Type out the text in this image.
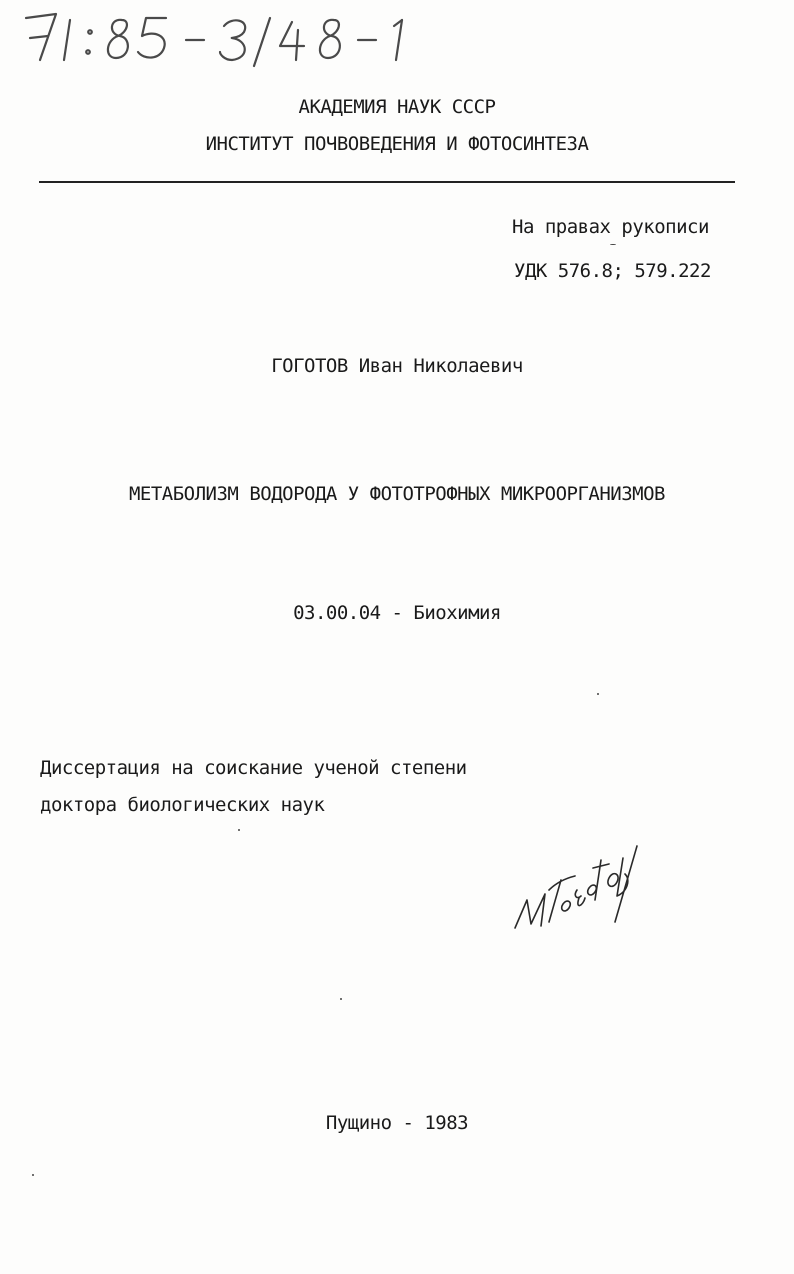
АКАДЕМИЯ НАУК СССР
ИНСТИТУТ ПОЧВОВЕДЕНИЯ И ФОТОСИНТЕЗА
На правах рукописи
УДК 576.8; 579.222
ГОГОТОВ Иван Николаевич
МЕТАБОЛИЗМ ВОДОРОДА У ФОТОТРОФНЫХ МИКРООРГАНИЗМОВ
03.00.04 - Биохимия
Диссертация на соискание ученой степени
доктора биологических наук
Пущино - 1983
